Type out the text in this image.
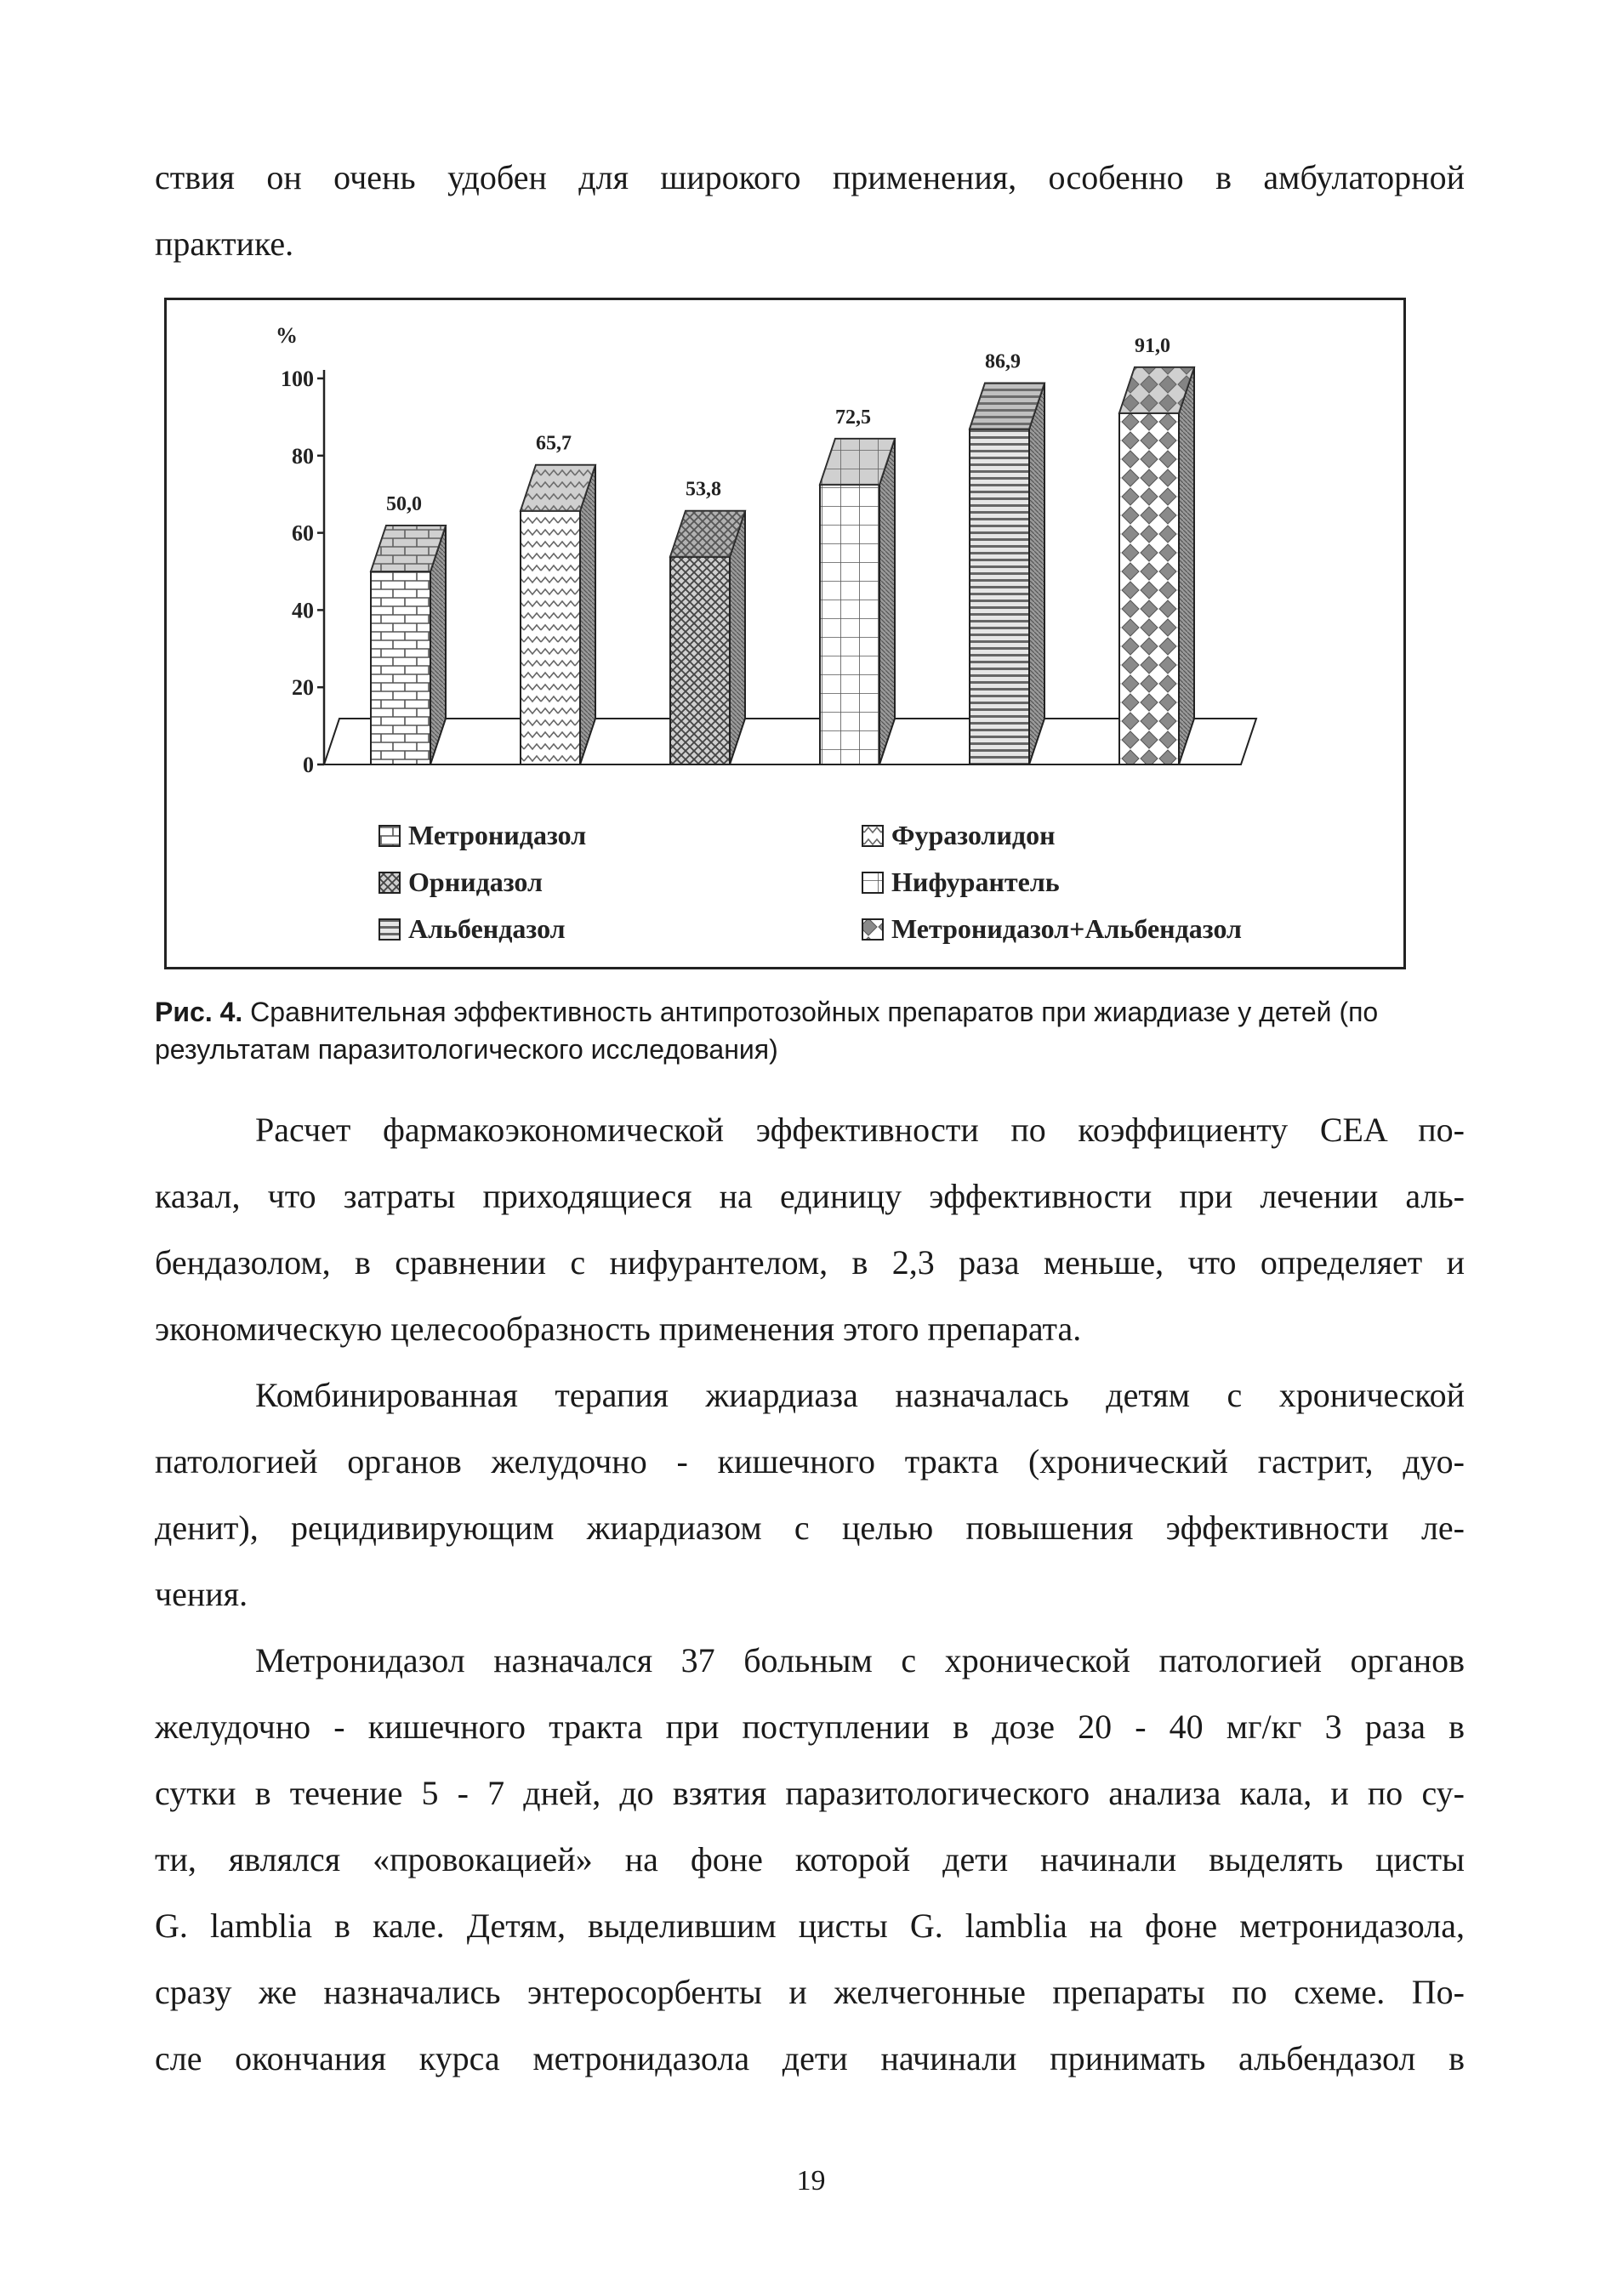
ствия он очень удобен для широкого применения, особенно в амбулаторной
практике.
0
20
40
60
80
100
%
50,0
65,7
53,8
72,5
86,9
91,0
Метронидазол	Фуразолидон
Орнидазол	Нифурантель
Альбендазол	Метронидазол+Альбендазол

Рис. 4. Сравнительная эффективность антипротозойных препаратов при жиардиазе у детей (по результатам паразитологического исследования)

Расчет фармакоэкономической эффективности по коэффициенту CEA по-
казал, что затраты приходящиеся на единицу эффективности при лечении аль-
бендазолом, в сравнении с нифурантелом, в 2,3 раза меньше, что определяет и
экономическую целесообразность применения этого препарата.
Комбинированная терапия жиардиаза назначалась детям с хронической
патологией органов желудочно - кишечного тракта (хронический гастрит, дуо-
денит), рецидивирующим жиардиазом с целью повышения эффективности ле-
чения.
Метронидазол назначался 37 больным с хронической патологией органов
желудочно - кишечного тракта при поступлении в дозе 20 - 40 мг/кг 3 раза в
сутки в течение 5 - 7 дней, до взятия паразитологического анализа кала, и по су-
ти, являлся «провокацией» на фоне которой дети начинали выделять цисты
G. lamblia в кале. Детям, выделившим цисты G. lamblia на фоне метронидазола,
сразу же назначались энтеросорбенты и желчегонные препараты по схеме. По-
сле окончания курса метронидазола дети начинали принимать альбендазол в
19
